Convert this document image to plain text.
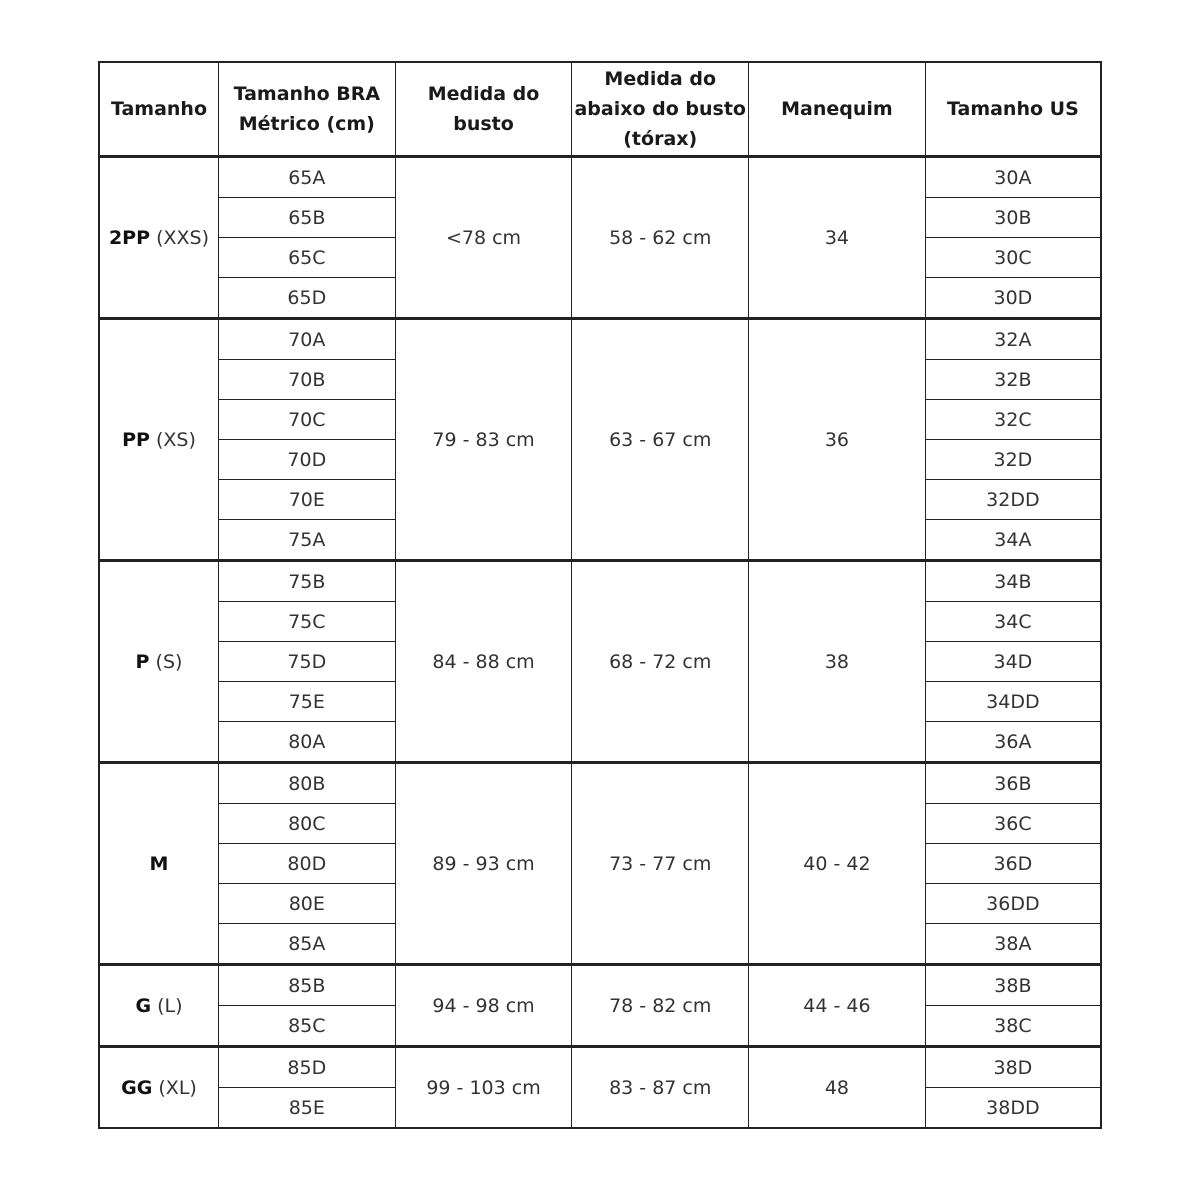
Tamanho	Tamanho BRA Métrico (cm)	Medida do busto	Medida do abaixo do busto (tórax)	Manequim	Tamanho US
2PP (XXS)	65A	<78 cm	58 - 62 cm	34	30A
	65B				30B
	65C				30C
	65D				30D
PP (XS)	70A	79 - 83 cm	63 - 67 cm	36	32A
	70B				32B
	70C				32C
	70D				32D
	70E				32DD
	75A				34A
P (S)	75B	84 - 88 cm	68 - 72 cm	38	34B
	75C				34C
	75D				34D
	75E				34DD
	80A				36A
M	80B	89 - 93 cm	73 - 77 cm	40 - 42	36B
	80C				36C
	80D				36D
	80E				36DD
	85A				38A
G (L)	85B	94 - 98 cm	78 - 82 cm	44 - 46	38B
	85C				38C
GG (XL)	85D	99 - 103 cm	83 - 87 cm	48	38D
	85E				38DD
